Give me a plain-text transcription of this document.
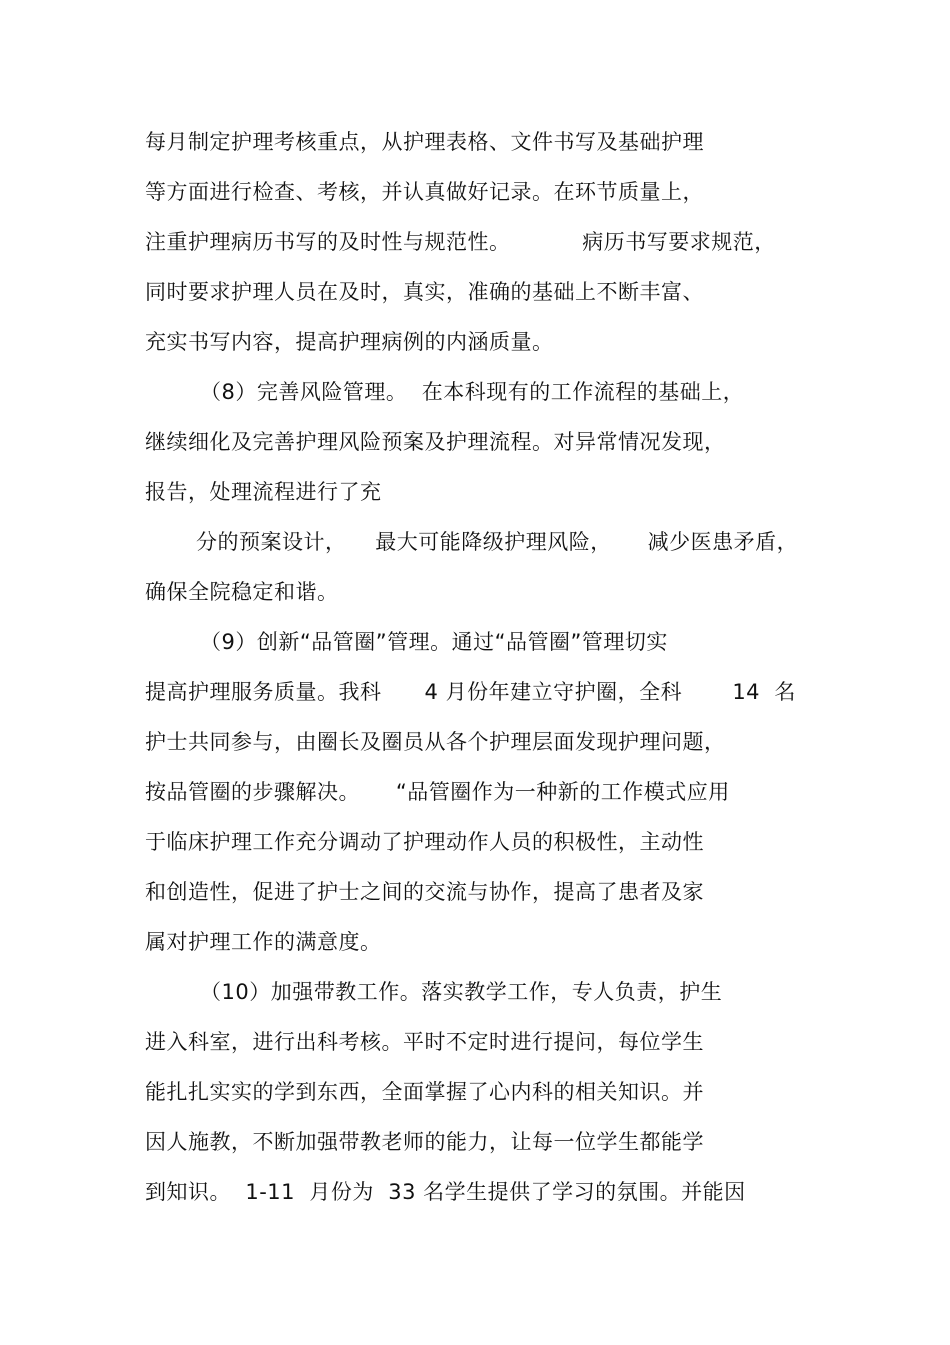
每月制定护理考核重点，从护理表格、文件书写及基础护理
等方面进行检查、考核，并认真做好记录。在环节质量上，
注重护理病历书写的及时性与规范性。          病历书写要求规范，
同时要求护理人员在及时，真实，准确的基础上不断丰富、
充实书写内容，提高护理病例的内涵质量。
（8）完善风险管理。  在本科现有的工作流程的基础上，
继续细化及完善护理风险预案及护理流程。对异常情况发现，
报告，处理流程进行了充
分的预案设计，    最大可能降级护理风险，     减少医患矛盾，
确保全院稳定和谐。
（9）创新“品管圈”管理。通过“品管圈”管理切实
提高护理服务质量。我科      4 月份年建立守护圈，全科       14  名
护士共同参与，由圈长及圈员从各个护理层面发现护理问题，
按品管圈的步骤解决。     “品管圈作为一种新的工作模式应用
于临床护理工作充分调动了护理动作人员的积极性，主动性
和创造性，促进了护士之间的交流与协作，提高了患者及家
属对护理工作的满意度。
（10）加强带教工作。落实教学工作，专人负责，护生
进入科室，进行出科考核。平时不定时进行提问，每位学生
能扎扎实实的学到东西，全面掌握了心内科的相关知识。并
因人施教，不断加强带教老师的能力，让每一位学生都能学
到知识。  1-11  月份为  33 名学生提供了学习的氛围。并能因
